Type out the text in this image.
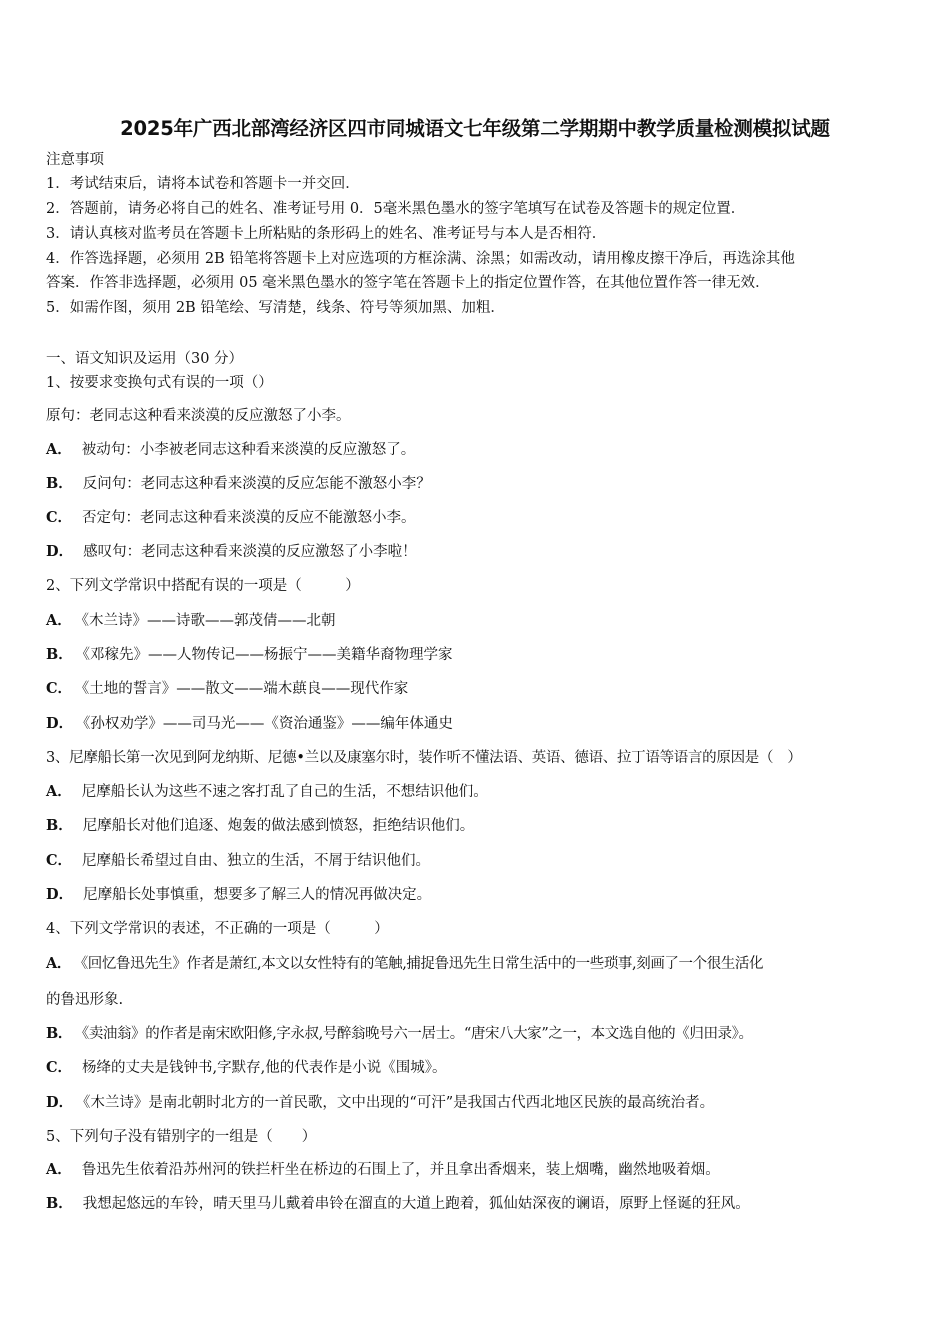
2025年广西北部湾经济区四市同城语文七年级第二学期期中教学质量检测模拟试题
注意事项
1．考试结束后，请将本试卷和答题卡一并交回．
2．答题前，请务必将自己的姓名、准考证号用 0．5毫米黑色墨水的签字笔填写在试卷及答题卡的规定位置．
3．请认真核对监考员在答题卡上所粘贴的条形码上的姓名、准考证号与本人是否相符．
4．作答选择题，必须用 2B 铅笔将答题卡上对应选项的方框涂满、涂黑；如需改动，请用橡皮擦干净后，再选涂其他
答案．作答非选择题，必须用 05 毫米黑色墨水的签字笔在答题卡上的指定位置作答，在其他位置作答一律无效．
5．如需作图，须用 2B 铅笔绘、写清楚，线条、符号等须加黑、加粗．
一、语文知识及运用（30 分）
1、按要求变换句式有误的一项（）
原句：老同志这种看来淡漠的反应激怒了小李。
A． 被动句：小李被老同志这种看来淡漠的反应激怒了。
B． 反问句：老同志这种看来淡漠的反应怎能不激怒小李？
C． 否定句：老同志这种看来淡漠的反应不能激怒小李。
D． 感叹句：老同志这种看来淡漠的反应激怒了小李啦！
2、下列文学常识中搭配有误的一项是（　　　）
A． 《木兰诗》——诗歌——郭茂倩——北朝
B． 《邓稼先》——人物传记——杨振宁——美籍华裔物理学家
C． 《土地的誓言》——散文——端木蕻良——现代作家
D． 《孙权劝学》——司马光——《资治通鉴》——编年体通史
3、尼摩船长第一次见到阿龙纳斯、尼德•兰以及康塞尔时，装作听不懂法语、英语、德语、拉丁语等语言的原因是（　）
A． 尼摩船长认为这些不速之客打乱了自己的生活，不想结识他们。
B． 尼摩船长对他们追逐、炮轰的做法感到愤怒，拒绝结识他们。
C． 尼摩船长希望过自由、独立的生活，不屑于结识他们。
D． 尼摩船长处事慎重，想要多了解三人的情况再做决定。
4、下列文学常识的表述，不正确的一项是（　　　）
A． 《回忆鲁迅先生》作者是萧红,本文以女性特有的笔触,捕捉鲁迅先生日常生活中的一些琐事,刻画了一个很生活化
的鲁迅形象.
B． 《卖油翁》的作者是南宋欧阳修,字永叔,号醉翁晚号六一居士。“唐宋八大家”之一，本文选自他的《归田录》。
C． 杨绛的丈夫是钱钟书,字默存,他的代表作是小说《围城》。
D． 《木兰诗》是南北朝时北方的一首民歌，文中出现的“可汗”是我国古代西北地区民族的最高统治者。
5、下列句子没有错别字的一组是（　　）
A． 鲁迅先生依着沿苏州河的铁拦杆坐在桥边的石围上了，并且拿出香烟来，装上烟嘴，幽然地吸着烟。
B． 我想起悠远的车铃，晴天里马儿戴着串铃在溜直的大道上跑着，狐仙姑深夜的谰语，原野上怪诞的狂风。
